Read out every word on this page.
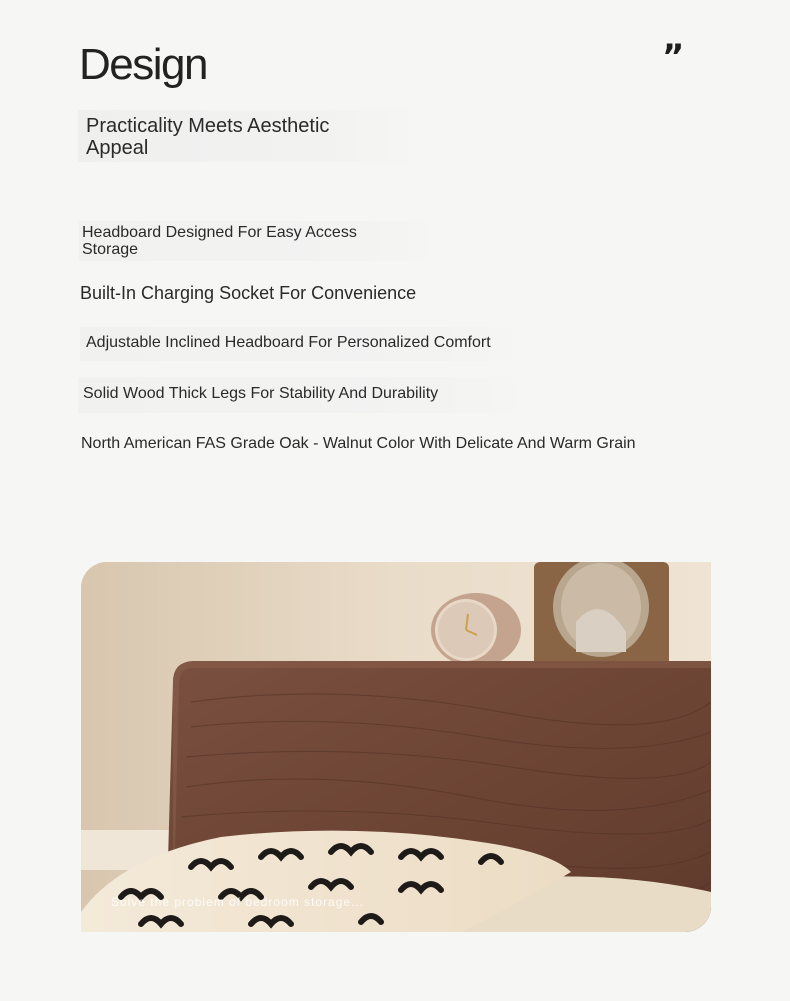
Design	”
Practicality Meets Aesthetic Appeal
Headboard Designed For Easy Access Storage
Built-In Charging Socket For Convenience
Adjustable Inclined Headboard For Personalized Comfort
Solid Wood Thick Legs For Stability And Durability
North American FAS Grade Oak - Walnut Color With Delicate And Warm Grain
Solve the problem of bedroom storage...
